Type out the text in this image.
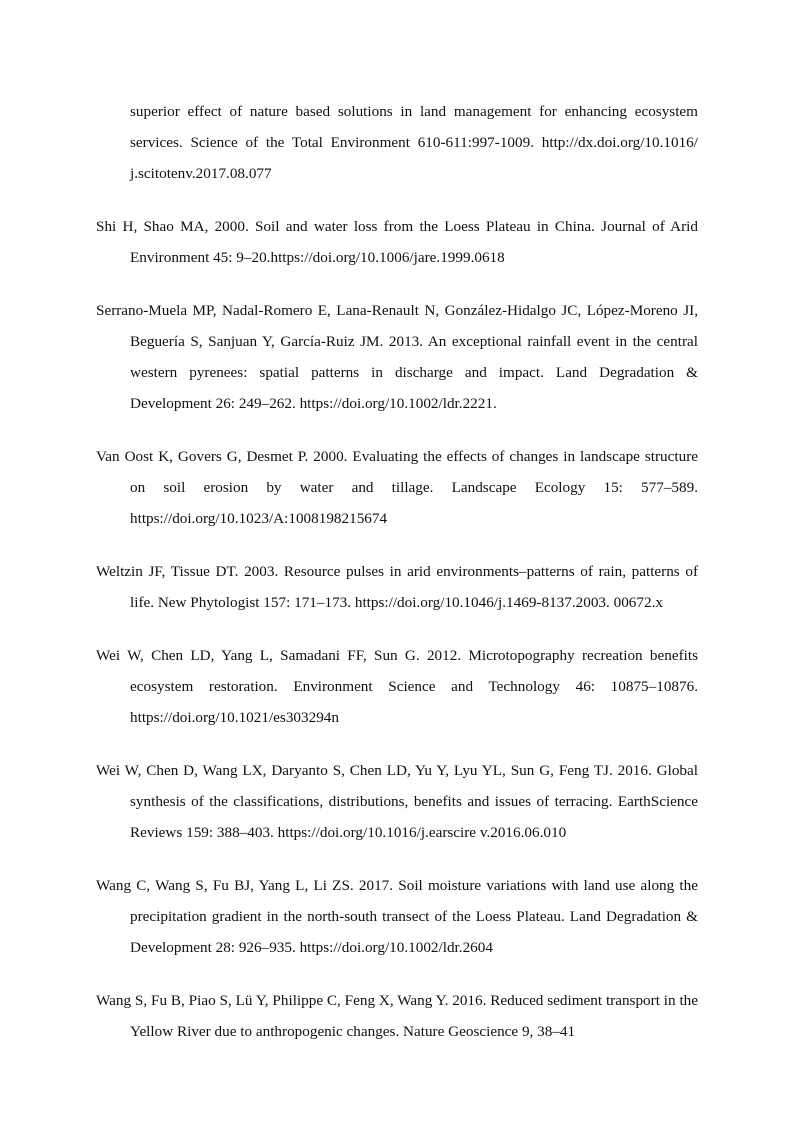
superior effect of nature based solutions in land management for enhancing ecosystem services. Science of the Total Environment 610-611:997-1009. http://dx.doi.org/10.1016/ j.scitotenv.2017.08.077
Shi H, Shao MA, 2000. Soil and water loss from the Loess Plateau in China. Journal of Arid Environment 45: 9–20.https://doi.org/10.1006/jare.1999.0618
Serrano-Muela MP, Nadal-Romero E, Lana-Renault N, González-Hidalgo JC, López-Moreno JI, Beguería S, Sanjuan Y, García-Ruiz JM. 2013. An exceptional rainfall event in the central western pyrenees: spatial patterns in discharge and impact. Land Degradation & Development 26: 249–262. https://doi.org/10.1002/ldr.2221.
Van Oost K, Govers G, Desmet P. 2000. Evaluating the effects of changes in landscape structure on soil erosion by water and tillage. Landscape Ecology 15: 577–589. https://doi.org/10.1023/A:1008198215674
Weltzin JF, Tissue DT. 2003. Resource pulses in arid environments–patterns of rain, patterns of life. New Phytologist 157: 171–173. https://doi.org/10.1046/j.1469-8137.2003. 00672.x
Wei W, Chen LD, Yang L, Samadani FF, Sun G. 2012. Microtopography recreation benefits ecosystem restoration. Environment Science and Technology 46: 10875–10876. https://doi.org/10.1021/es303294n
Wei W, Chen D, Wang LX, Daryanto S, Chen LD, Yu Y, Lyu YL, Sun G, Feng TJ. 2016. Global synthesis of the classifications, distributions, benefits and issues of terracing. EarthScience Reviews 159: 388–403. https://doi.org/10.1016/j.earscire v.2016.06.010
Wang C, Wang S, Fu BJ, Yang L, Li ZS. 2017. Soil moisture variations with land use along the precipitation gradient in the north‐south transect of the Loess Plateau. Land Degradation & Development 28: 926–935. https://doi.org/10.1002/ldr.2604
Wang S, Fu B, Piao S, Lü Y, Philippe C, Feng X, Wang Y. 2016. Reduced sediment transport in the Yellow River due to anthropogenic changes. Nature Geoscience 9, 38–41
